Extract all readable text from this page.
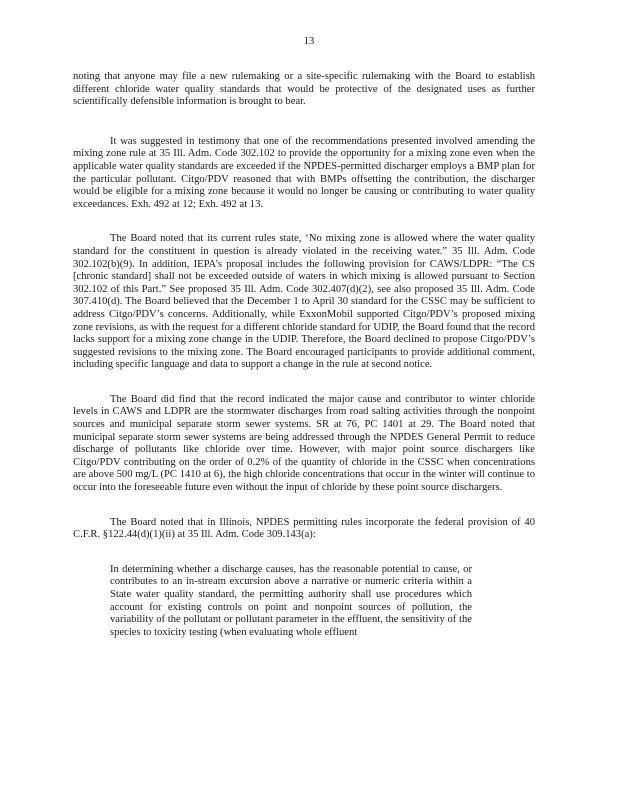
13

noting that anyone may file a new rulemaking or a site-specific rulemaking with the Board to establish different chloride water quality standards that would be protective of the designated uses as further scientifically defensible information is brought to bear.

It was suggested in testimony that one of the recommendations presented involved amending the mixing zone rule at 35 Ill. Adm. Code 302.102 to provide the opportunity for a mixing zone even when the applicable water quality standards are exceeded if the NPDES-permitted discharger employs a BMP plan for the particular pollutant. Citgo/PDV reasoned that with BMPs offsetting the contribution, the discharger would be eligible for a mixing zone because it would no longer be causing or contributing to water quality exceedances. Exh. 492 at 12; Exh. 492 at 13.

The Board noted that its current rules state, ‘No mixing zone is allowed where the water quality standard for the constituent in question is already violated in the receiving water.” 35 Ill. Adm. Code 302.102(b)(9). In addition, IEPA’s proposal includes the following provision for CAWS/LDPR: “The CS [chronic standard] shall not be exceeded outside of waters in which mixing is allowed pursuant to Section 302.102 of this Part.” See proposed 35 Ill. Adm. Code 302.407(d)(2), see also proposed 35 Ill. Adm. Code 307.410(d). The Board believed that the December 1 to April 30 standard for the CSSC may be sufficient to address Citgo/PDV’s concerns. Additionally, while ExxonMobil supported Citgo/PDV’s proposed mixing zone revisions, as with the request for a different chloride standard for UDIP, the Board found that the record lacks support for a mixing zone change in the UDIP. Therefore, the Board declined to propose Citgo/PDV’s suggested revisions to the mixing zone. The Board encouraged participants to provide additional comment, including specific language and data to support a change in the rule at second notice.

The Board did find that the record indicated the major cause and contributor to winter chloride levels in CAWS and LDPR are the stormwater discharges from road salting activities through the nonpoint sources and municipal separate storm sewer systems. SR at 76, PC 1401 at 29. The Board noted that municipal separate storm sewer systems are being addressed through the NPDES General Permit to reduce discharge of pollutants like chloride over time. However, with major point source dischargers like Citgo/PDV contributing on the order of 0.2% of the quantity of chloride in the CSSC when concentrations are above 500 mg/L (PC 1410 at 6), the high chloride concentrations that occur in the winter will continue to occur into the foreseeable future even without the input of chloride by these point source dischargers.

The Board noted that in Illinois, NPDES permitting rules incorporate the federal provision of 40 C.F.R. §122.44(d)(1)(ii) at 35 Ill. Adm. Code 309.143(a):

In determining whether a discharge causes, has the reasonable potential to cause, or contributes to an in-stream excursion above a narrative or numeric criteria within a State water quality standard, the permitting authority shall use procedures which account for existing controls on point and nonpoint sources of pollution, the variability of the pollutant or pollutant parameter in the effluent, the sensitivity of the species to toxicity testing (when evaluating whole effluent
